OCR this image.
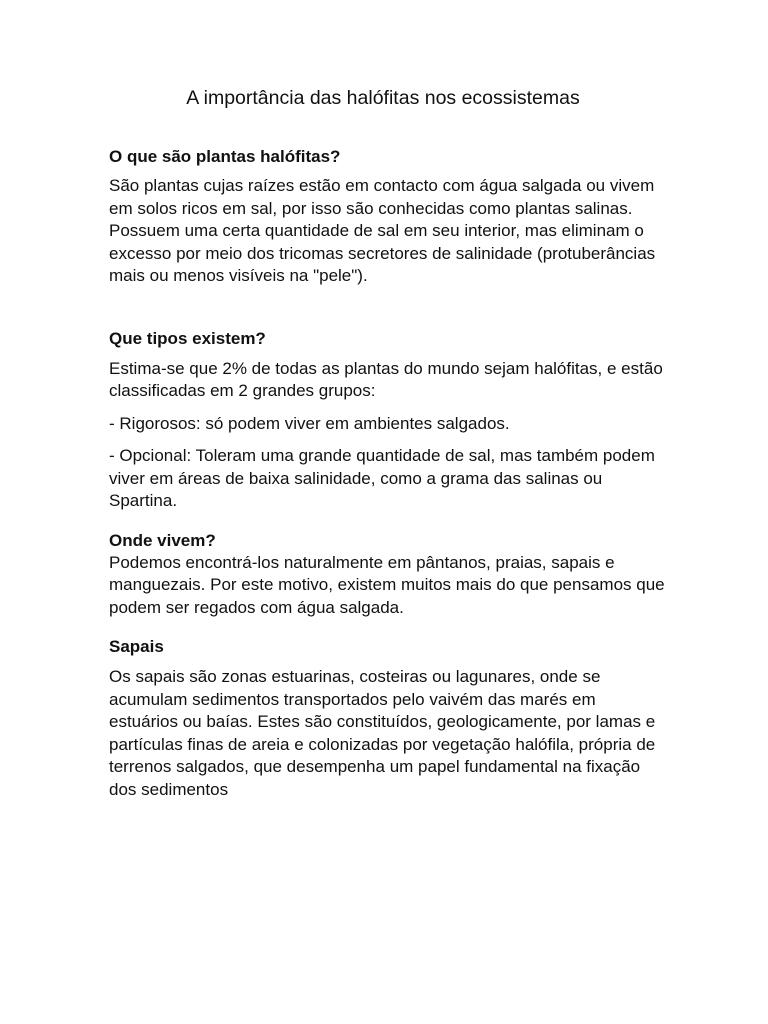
A importância das halófitas nos ecossistemas
O que são plantas halófitas?

São plantas cujas raízes estão em contacto com água salgada ou vivem em solos ricos em sal, por isso são conhecidas como plantas salinas. Possuem uma certa quantidade de sal em seu interior, mas eliminam o excesso por meio dos tricomas secretores de salinidade (protuberâncias mais ou menos visíveis na "pele").

Que tipos existem?

Estima-se que 2% de todas as plantas do mundo sejam halófitas, e estão classificadas em 2 grandes grupos:

- Rigorosos: só podem viver em ambientes salgados.

- Opcional: Toleram uma grande quantidade de sal, mas também podem viver em áreas de baixa salinidade, como a grama das salinas ou Spartina.

Onde vivem?

Podemos encontrá-los naturalmente em pântanos, praias, sapais e manguezais. Por este motivo, existem muitos mais do que pensamos que podem ser regados com água salgada.

Sapais

Os sapais são zonas estuarinas, costeiras ou lagunares, onde se acumulam sedimentos transportados pelo vaivém das marés em estuários ou baías. Estes são constituídos, geologicamente, por lamas e partículas finas de areia e colonizadas por vegetação halófila, própria de terrenos salgados, que desempenha um papel fundamental na fixação dos sedimentos
